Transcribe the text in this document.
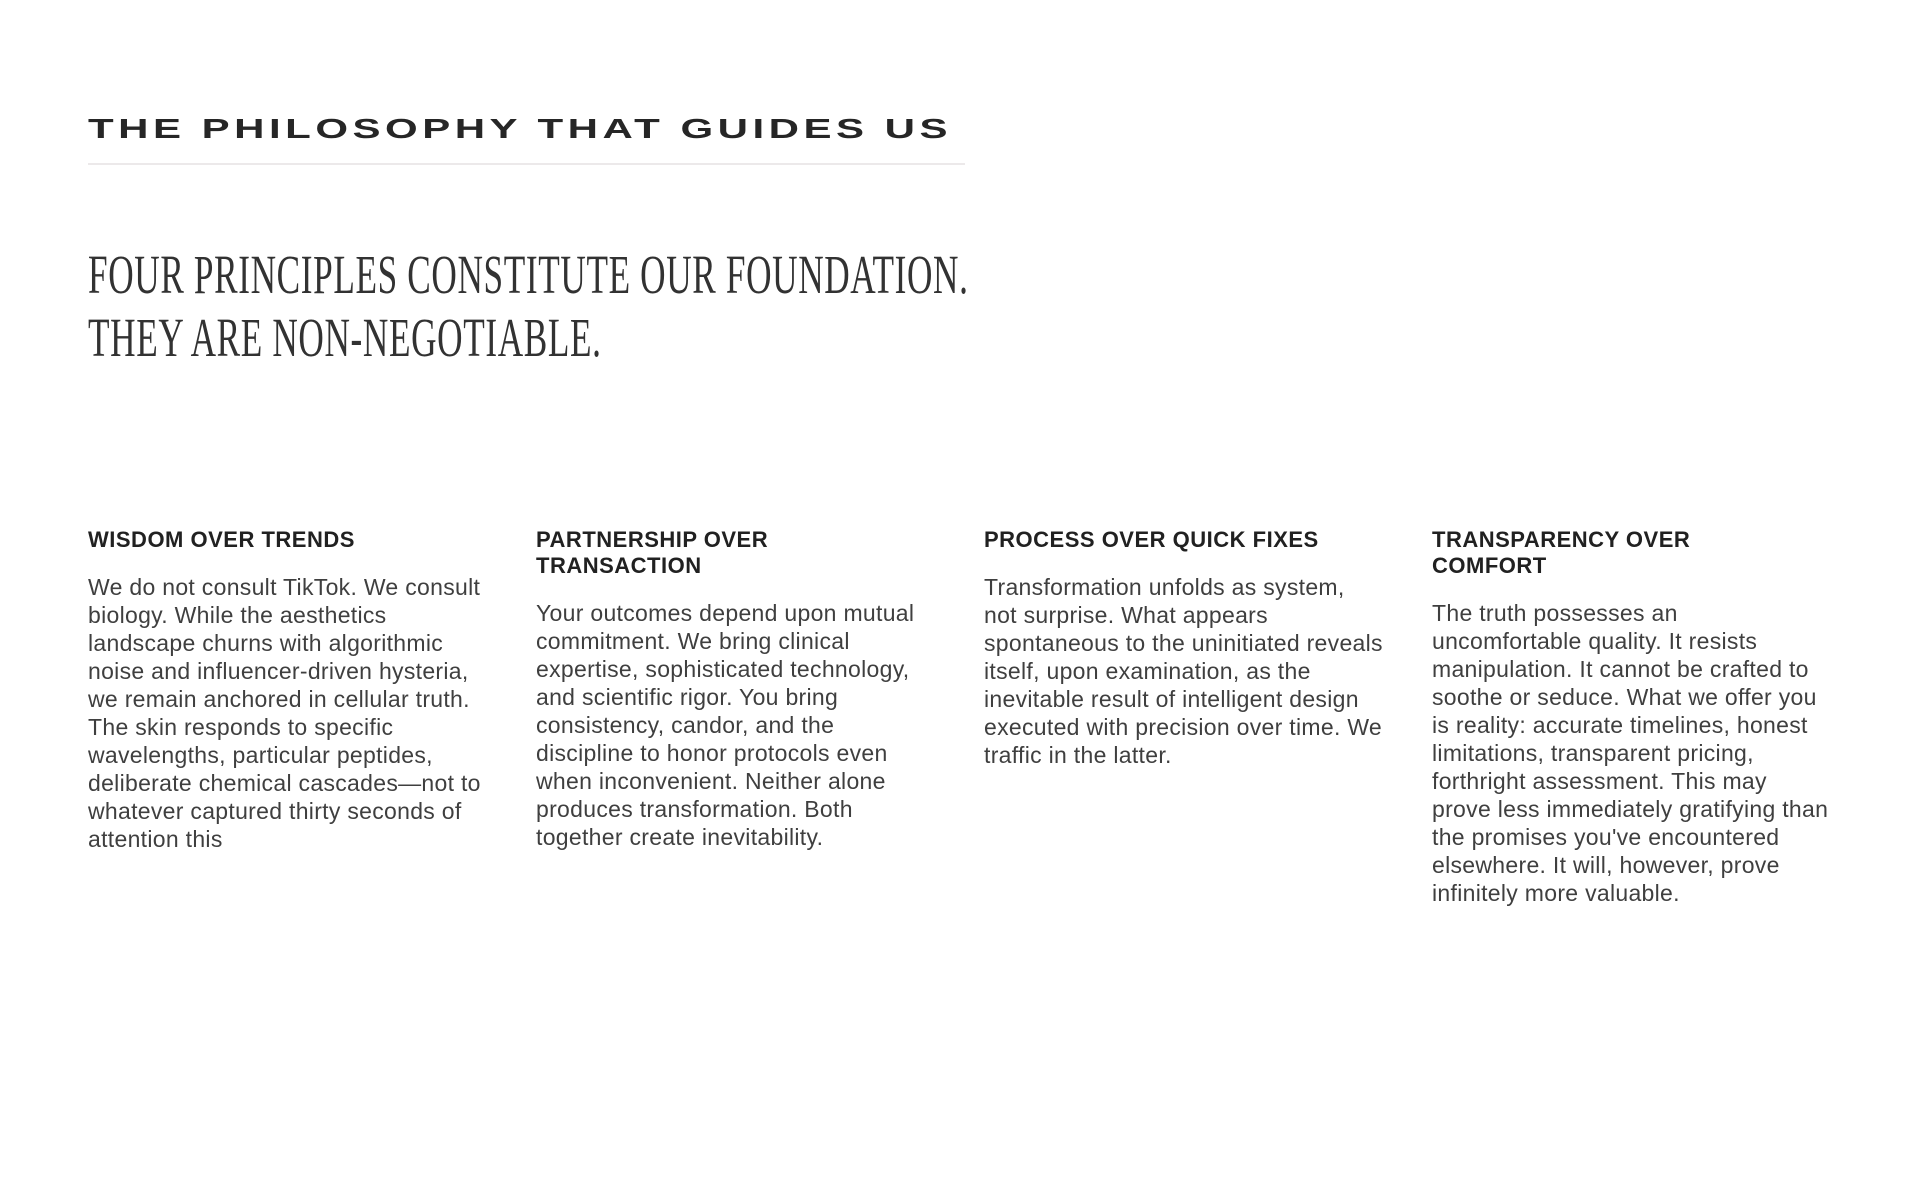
THE PHILOSOPHY THAT GUIDES US
FOUR PRINCIPLES CONSTITUTE OUR FOUNDATION.
THEY ARE NON-NEGOTIABLE.
WISDOM OVER TRENDS

We do not consult TikTok. We consult biology. While the aesthetics landscape churns with algorithmic noise and influencer-driven hysteria, we remain anchored in cellular truth. The skin responds to specific wavelengths, particular peptides, deliberate chemical cascades—not to whatever captured thirty seconds of attention this

PARTNERSHIP OVER TRANSACTION

Your outcomes depend upon mutual commitment. We bring clinical expertise, sophisticated technology, and scientific rigor. You bring consistency, candor, and the discipline to honor protocols even when inconvenient. Neither alone produces transformation. Both together create inevitability.

PROCESS OVER QUICK FIXES

Transformation unfolds as system, not surprise. What appears spontaneous to the uninitiated reveals itself, upon examination, as the inevitable result of intelligent design executed with precision over time. We traffic in the latter.

TRANSPARENCY OVER COMFORT

The truth possesses an uncomfortable quality. It resists manipulation. It cannot be crafted to soothe or seduce. What we offer you is reality: accurate timelines, honest limitations, transparent pricing, forthright assessment. This may prove less immediately gratifying than the promises you've encountered elsewhere. It will, however, prove infinitely more valuable.
